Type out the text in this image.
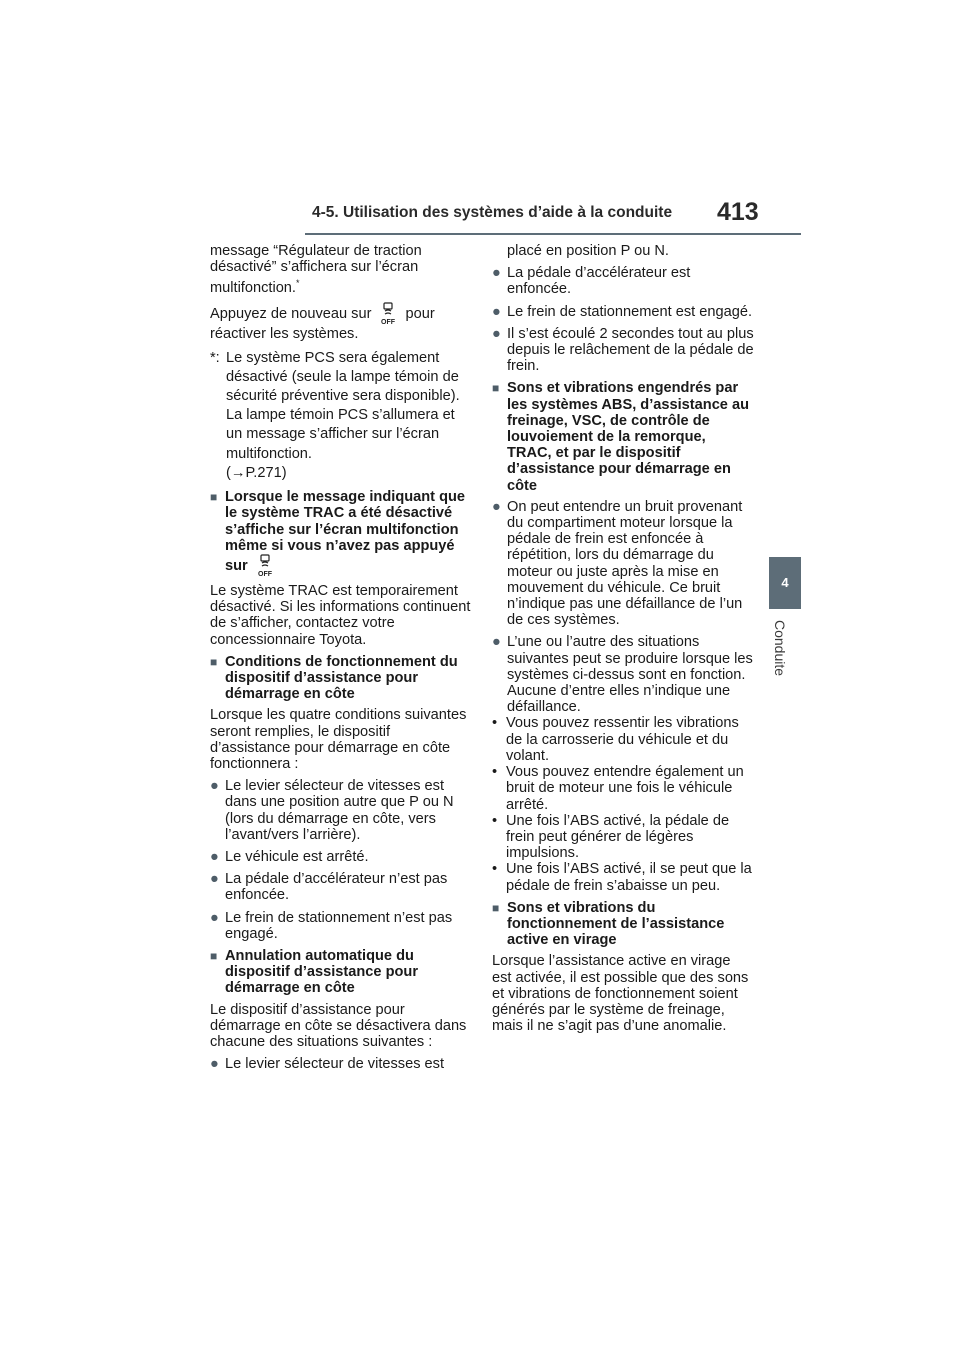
4-5. Utilisation des systèmes d’aide à la conduite 413
4
Conduite

message “Régulateur de traction désactivé” s’affichera sur l’écran multifonction.*

Appuyez de nouveau sur
OFF
pour réactiver les systèmes.

*: Le système PCS sera également désactivé (seule la lampe témoin de sécurité préventive sera disponible). La lampe témoin PCS s’allumera et un message s’afficher sur l’écran multifonction.
(→P.271)
■ Lorsque le message indiquant que le système TRAC a été désactivé s’affiche sur l’écran multifonction même si vous n’avez pas appuyé sur
OFF

Le système TRAC est temporairement désactivé. Si les informations continuent de s’afficher, contactez votre concessionnaire Toyota.

■ Conditions de fonctionnement du dispositif d’assistance pour démarrage en côte

Lorsque les quatre conditions suivantes seront remplies, le dispositif d’assistance pour démarrage en côte fonctionnera :

● Le levier sélecteur de vitesses est dans une position autre que P ou N (lors du démarrage en côte, vers l’avant/vers l’arrière).
● Le véhicule est arrêté.
● La pédale d’accélérateur n’est pas enfoncée.
● Le frein de stationnement n’est pas engagé.
■ Annulation automatique du dispositif d’assistance pour démarrage en côte

Le dispositif d’assistance pour démarrage en côte se désactivera dans chacune des situations suivantes :

● Le levier sélecteur de vitesses est

placé en position P ou N.

● La pédale d’accélérateur est enfoncée.
● Le frein de stationnement est engagé.
● Il s’est écoulé 2 secondes tout au plus depuis le relâchement de la pédale de frein.
■ Sons et vibrations engendrés par les systèmes ABS, d’assistance au freinage, VSC, de contrôle de louvoiement de la remorque, TRAC, et par le dispositif d’assistance pour démarrage en côte
● On peut entendre un bruit provenant du compartiment moteur lorsque la pédale de frein est enfoncée à répétition, lors du démarrage du moteur ou juste après la mise en mouvement du véhicule. Ce bruit n’indique pas une défaillance de l’un de ces systèmes.
● L’une ou l’autre des situations suivantes peut se produire lorsque les systèmes ci-dessus sont en fonction. Aucune d’entre elles n’indique une défaillance.
• Vous pouvez ressentir les vibrations de la carrosserie du véhicule et du volant.
• Vous pouvez entendre également un bruit de moteur une fois le véhicule arrêté.
• Une fois l’ABS activé, la pédale de frein peut générer de légères impulsions.
• Une fois l’ABS activé, il se peut que la pédale de frein s’abaisse un peu.
■ Sons et vibrations du fonctionnement de l’assistance active en virage

Lorsque l’assistance active en virage est activée, il est possible que des sons et vibrations de fonctionnement soient générés par le système de freinage, mais il ne s’agit pas d’une anomalie.
